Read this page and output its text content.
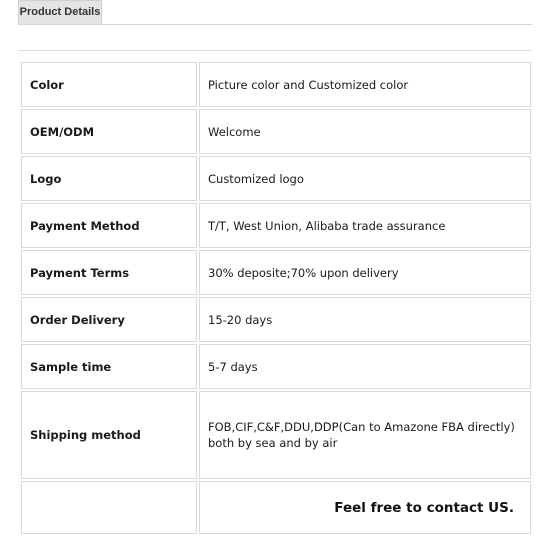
Product Details
Color	Picture color and Customized color
OEM/ODM	Welcome
Logo	Customized logo
Payment Method	T/T, West Union, Alibaba trade assurance
Payment Terms	30% deposite;70% upon delivery
Order Delivery	15-20 days
Sample time	5-7 days
Shipping method	FOB,CIF,C&F,DDU,DDP(Can to Amazone FBA directly)
both by sea and by air

	Feel free to contact US.
